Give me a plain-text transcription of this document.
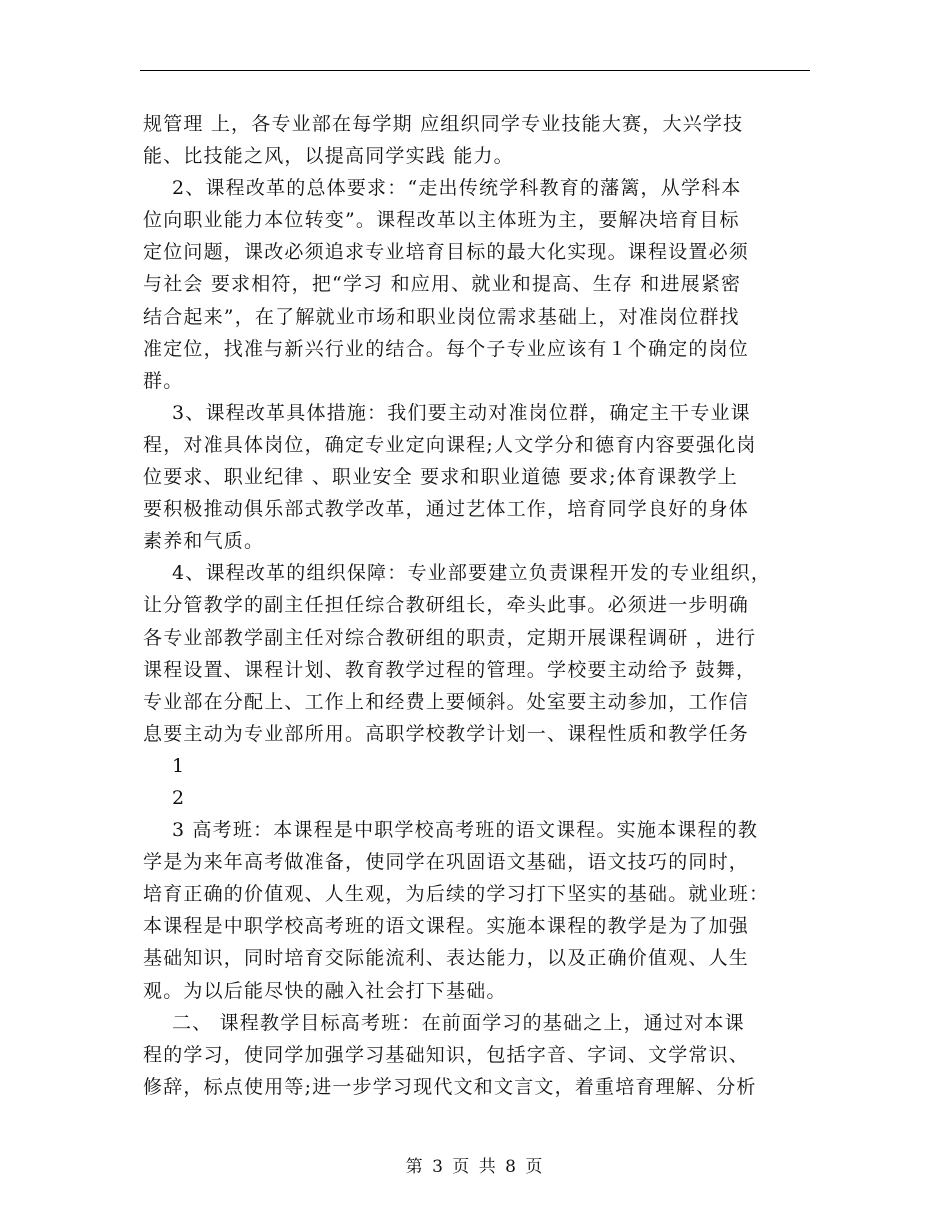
规管理 上，各专业部在每学期 应组织同学专业技能大赛，大兴学技
能、比技能之风，以提高同学实践 能力。
2、课程改革的总体要求：“走出传统学科教育的藩篱，从学科本
位向职业能力本位转变”。课程改革以主体班为主，要解决培育目标
定位问题，课改必须追求专业培育目标的最大化实现。课程设置必须
与社会 要求相符，把“学习 和应用、就业和提高、生存 和进展紧密
结合起来”，在了解就业市场和职业岗位需求基础上，对准岗位群找
准定位，找准与新兴行业的结合。每个子专业应该有１个确定的岗位
群。
3、课程改革具体措施：我们要主动对准岗位群，确定主干专业课
程，对准具体岗位，确定专业定向课程;人文学分和德育内容要强化岗
位要求、职业纪律 、职业安全 要求和职业道德 要求;体育课教学上
要积极推动俱乐部式教学改革，通过艺体工作，培育同学良好的身体
素养和气质。
4、课程改革的组织保障：专业部要建立负责课程开发的专业组织，
让分管教学的副主任担任综合教研组长，牵头此事。必须进一步明确
各专业部教学副主任对综合教研组的职责，定期开展课程调研 ，进行
课程设置、课程计划、教育教学过程的管理。学校要主动给予 鼓舞，
专业部在分配上、工作上和经费上要倾斜。处室要主动参加，工作信
息要主动为专业部所用。高职学校教学计划一、课程性质和教学任务
1
2
3 高考班：本课程是中职学校高考班的语文课程。实施本课程的教
学是为来年高考做准备，使同学在巩固语文基础，语文技巧的同时，
培育正确的价值观、人生观，为后续的学习打下坚实的基础。就业班：
本课程是中职学校高考班的语文课程。实施本课程的教学是为了加强
基础知识，同时培育交际能流利、表达能力，以及正确价值观、人生
观。为以后能尽快的融入社会打下基础。
二、 课程教学目标高考班：在前面学习的基础之上，通过对本课
程的学习，使同学加强学习基础知识，包括字音、字词、文学常识、
修辞，标点使用等;进一步学习现代文和文言文，着重培育理解、分析
第 3 页 共 8 页
